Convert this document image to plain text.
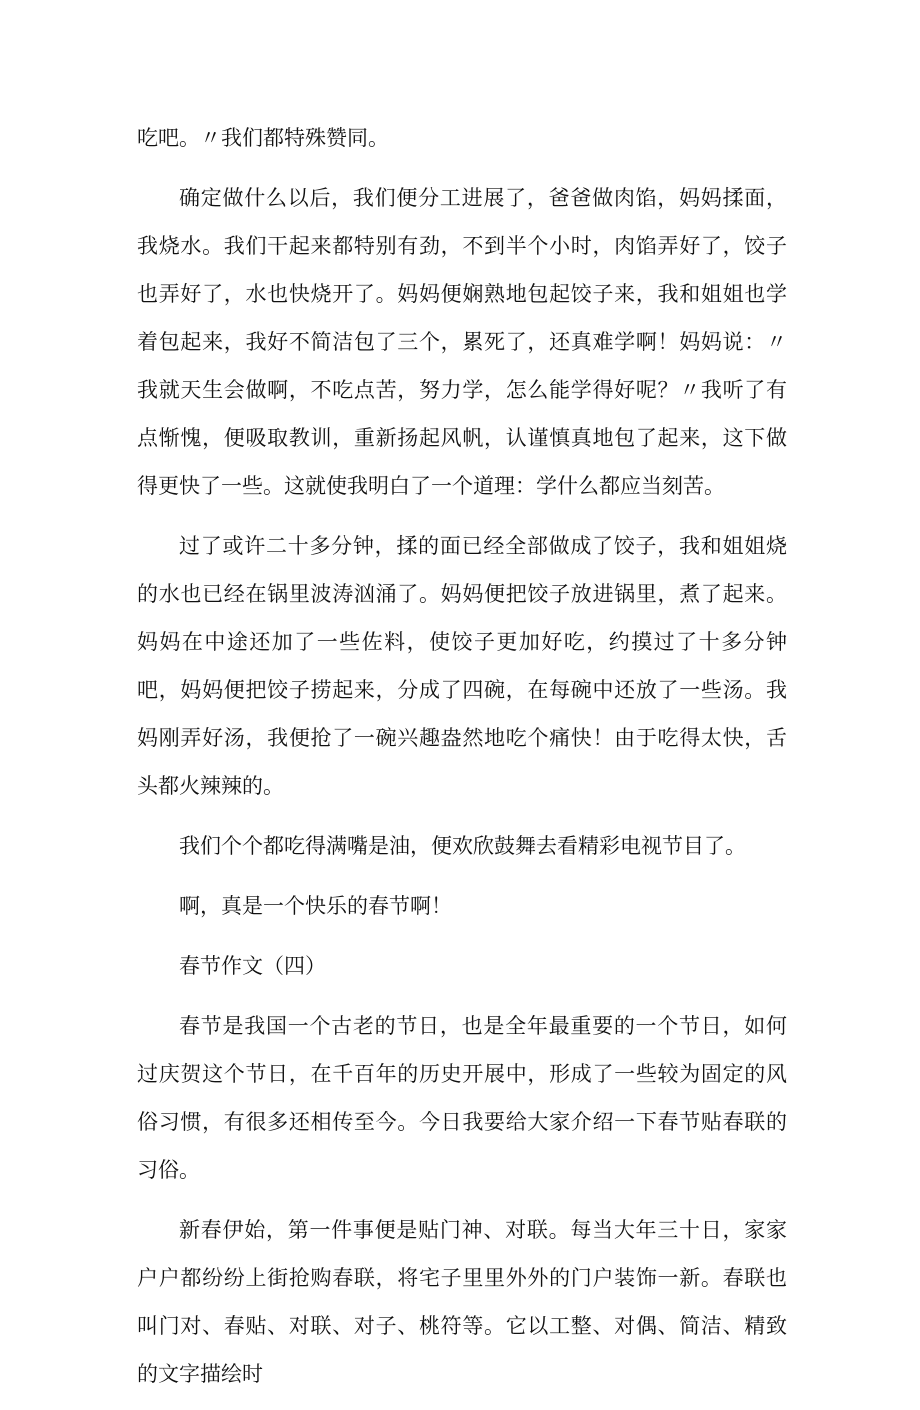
吃吧。〃我们都特殊赞同。

确定做什么以后，我们便分工进展了，爸爸做肉馅，妈妈揉面，我烧水。我们干起来都特别有劲，不到半个小时，肉馅弄好了，饺子也弄好了，水也快烧开了。妈妈便娴熟地包起饺子来，我和姐姐也学着包起来，我好不简洁包了三个，累死了，还真难学啊！妈妈说：〃我就天生会做啊，不吃点苦，努力学，怎么能学得好呢？〃我听了有点惭愧，便吸取教训，重新扬起风帆，认谨慎真地包了起来，这下做得更快了一些。这就使我明白了一个道理：学什么都应当刻苦。

过了或许二十多分钟，揉的面已经全部做成了饺子，我和姐姐烧的水也已经在锅里波涛汹涌了。妈妈便把饺子放进锅里，煮了起来。妈妈在中途还加了一些佐料，使饺子更加好吃，约摸过了十多分钟吧，妈妈便把饺子捞起来，分成了四碗，在每碗中还放了一些汤。我妈刚弄好汤，我便抢了一碗兴趣盎然地吃个痛快！由于吃得太快，舌头都火辣辣的。

我们个个都吃得满嘴是油，便欢欣鼓舞去看精彩电视节目了。

啊，真是一个快乐的春节啊！

春节作文（四）

春节是我国一个古老的节日，也是全年最重要的一个节日，如何过庆贺这个节日，在千百年的历史开展中，形成了一些较为固定的风俗习惯，有很多还相传至今。今日我要给大家介绍一下春节贴春联的习俗。

新春伊始，第一件事便是贴门神、对联。每当大年三十日，家家户户都纷纷上街抢购春联，将宅子里里外外的门户装饰一新。春联也叫门对、春贴、对联、对子、桃符等。它以工整、对偶、简洁、精致的文字描绘时
